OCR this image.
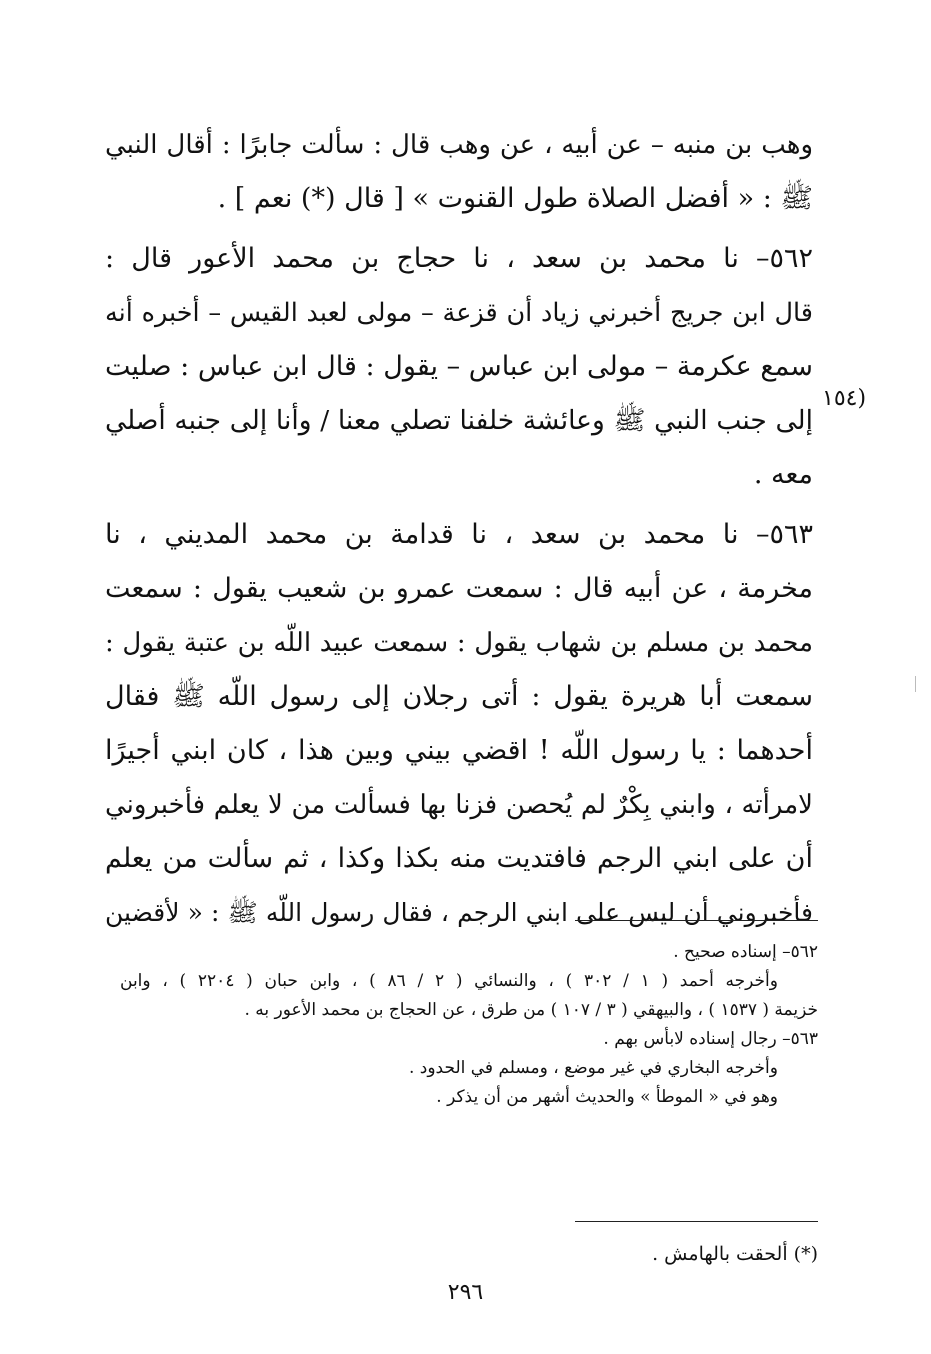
وهب بن منبه – عن أبيه ، عن وهب قال : سألت جابرًا : أقال النبي
ﷺ : « أفضل الصلاة طول القنوت » [ قال (*) نعم ] .
٥٦٢– نا محمد بن سعد ، نا حجاج بن محمد الأعور قال :
قال ابن جريج أخبرني زياد أن قزعة – مولى لعبد القيس – أخبره أنه
سمع عكرمة – مولى ابن عباس – يقول : قال ابن عباس : صليت
إلى جنب النبي ﷺ وعائشة خلفنا تصلي معنا / وأنا إلى جنبه أصلي
معه .
٥٦٣– نا محمد بن سعد ، نا قدامة بن محمد المديني ، نا
مخرمة ، عن أبيه قال : سمعت عمرو بن شعيب يقول : سمعت
محمد بن مسلم بن شهاب يقول : سمعت عبيد اللّه بن عتبة يقول :
سمعت أبا هريرة يقول : أتى رجلان إلى رسول اللّه ﷺ فقال
أحدهما : يا رسول اللّه ! اقضي بيني وبين هذا ، كان ابني أجيرًا
لامرأته ، وابني بِكْرٌ لم يُحصن فزنا بها فسألت من لا يعلم فأخبروني
أن على ابني الرجم فافتديت منه بكذا وكذا ، ثم سألت من يعلم
فأخبروني أن ليس على ابني الرجم ، فقال رسول اللّه ﷺ : « لأقضين
(١٥٤
٥٦٢– إسناده صحيح .
وأخرجه أحمد ( ١ / ٣٠٢ ) ، والنسائي ( ٢ / ٨٦ ) ، وابن حبان ( ٢٢٠٤ ) ، وابن
خزيمة ( ١٥٣٧ ) ، والبيهقي ( ٣ / ١٠٧ ) من طرق ، عن الحجاج بن محمد الأعور به .
٥٦٣– رجال إسناده لابأس بهم .
وأخرجه البخاري في غير موضع ، ومسلم في الحدود .
وهو في « الموطأ » والحديث أشهر من أن يذكر .
(*) ألحقت بالهامش .
٢٩٦
